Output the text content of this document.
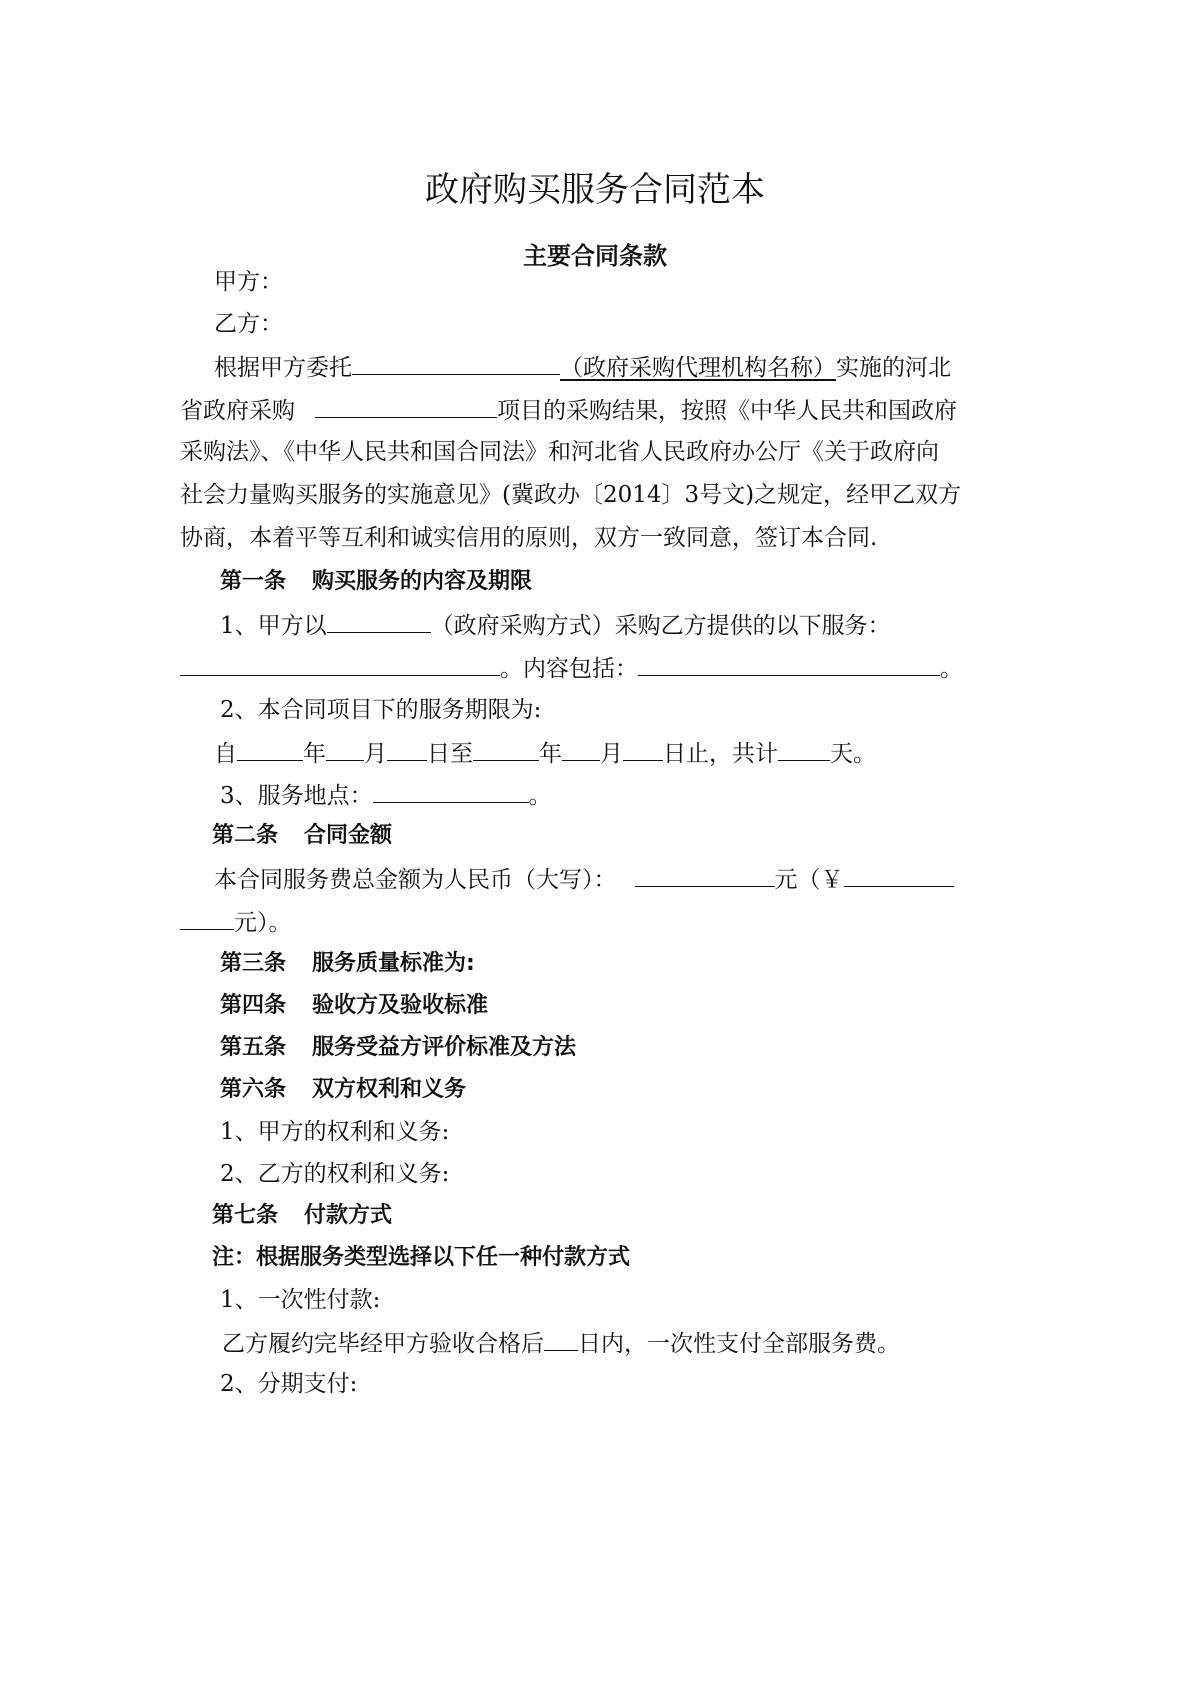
政府购买服务合同范本
主要合同条款
甲方：
乙方：
根据甲方委托	（政府采购代理机构名称）实施的河北
省政府采购	项目的采购结果，按照《中华人民共和国政府
采购法》、《中华人民共和国合同法》和河北省人民政府办公厅《关于政府向
社会力量购买服务的实施意见》(冀政办〔2014〕3号文)之规定，经甲乙双方
协商，本着平等互利和诚实信用的原则，双方一致同意，签订本合同.
第一条 购买服务的内容及期限
1、甲方以	（政府采购方式）采购乙方提供的以下服务：
。内容包括：	。
2、本合同项目下的服务期限为:
自	年 月 日至	年 月 日止，共计 天。
3、服务地点：	。
第二条 合同金额
本合同服务费总金额为人民币（大写）：	元（￥
元）。
第三条 服务质量标准为:
第四条 验收方及验收标准
第五条 服务受益方评价标准及方法
第六条 双方权利和义务
1、甲方的权利和义务:
2、乙方的权利和义务:
第七条 付款方式
注：根据服务类型选择以下任一种付款方式
1、一次性付款:
乙方履约完毕经甲方验收合格后 日内，一次性支付全部服务费。
2、分期支付:
